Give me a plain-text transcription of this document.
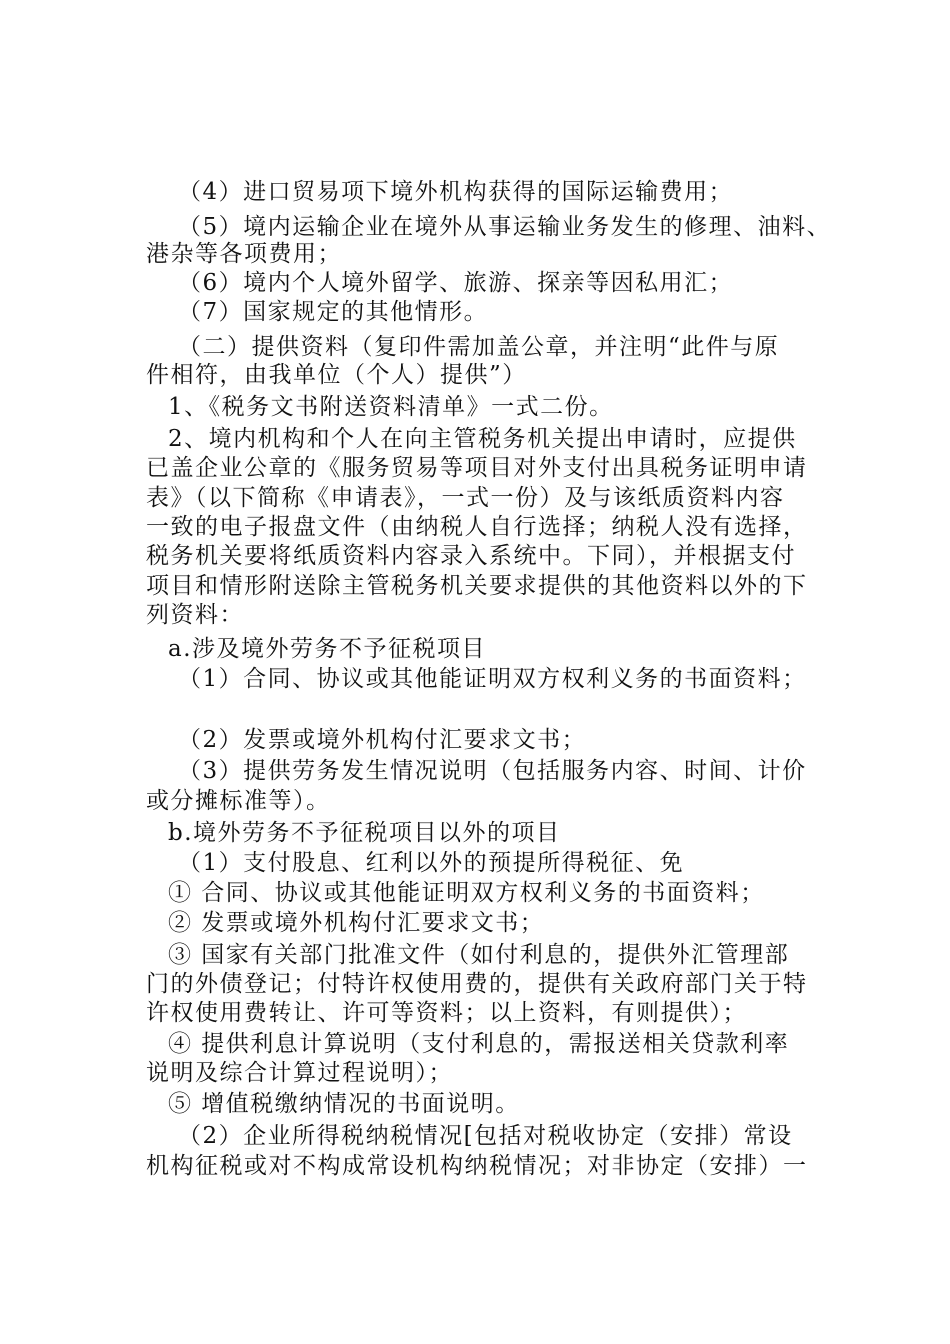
（4）进口贸易项下境外机构获得的国际运输费用；
（5）境内运输企业在境外从事运输业务发生的修理、油料、
港杂等各项费用；
（6）境内个人境外留学、旅游、探亲等因私用汇；
（7）国家规定的其他情形。
（二）提供资料（复印件需加盖公章，并注明“此件与原
件相符，由我单位（个人）提供”）
1、《税务文书附送资料清单》一式二份。
2、境内机构和个人在向主管税务机关提出申请时，应提供
已盖企业公章的《服务贸易等项目对外支付出具税务证明申请
表》（以下简称《申请表》，一式一份）及与该纸质资料内容
一致的电子报盘文件（由纳税人自行选择；纳税人没有选择，
税务机关要将纸质资料内容录入系统中。下同），并根据支付
项目和情形附送除主管税务机关要求提供的其他资料以外的下
列资料：
a.涉及境外劳务不予征税项目
（1）合同、协议或其他能证明双方权利义务的书面资料；
（2）发票或境外机构付汇要求文书；
（3）提供劳务发生情况说明（包括服务内容、时间、计价
或分摊标准等）。
b.境外劳务不予征税项目以外的项目
（1）支付股息、红利以外的预提所得税征、免
① 合同、协议或其他能证明双方权利义务的书面资料；
② 发票或境外机构付汇要求文书；
③ 国家有关部门批准文件（如付利息的，提供外汇管理部
门的外债登记；付特许权使用费的，提供有关政府部门关于特
许权使用费转让、许可等资料；以上资料，有则提供）；
④ 提供利息计算说明（支付利息的，需报送相关贷款利率
说明及综合计算过程说明）；
⑤ 增值税缴纳情况的书面说明。
（2）企业所得税纳税情况[包括对税收协定（安排）常设
机构征税或对不构成常设机构纳税情况；对非协定（安排）一
